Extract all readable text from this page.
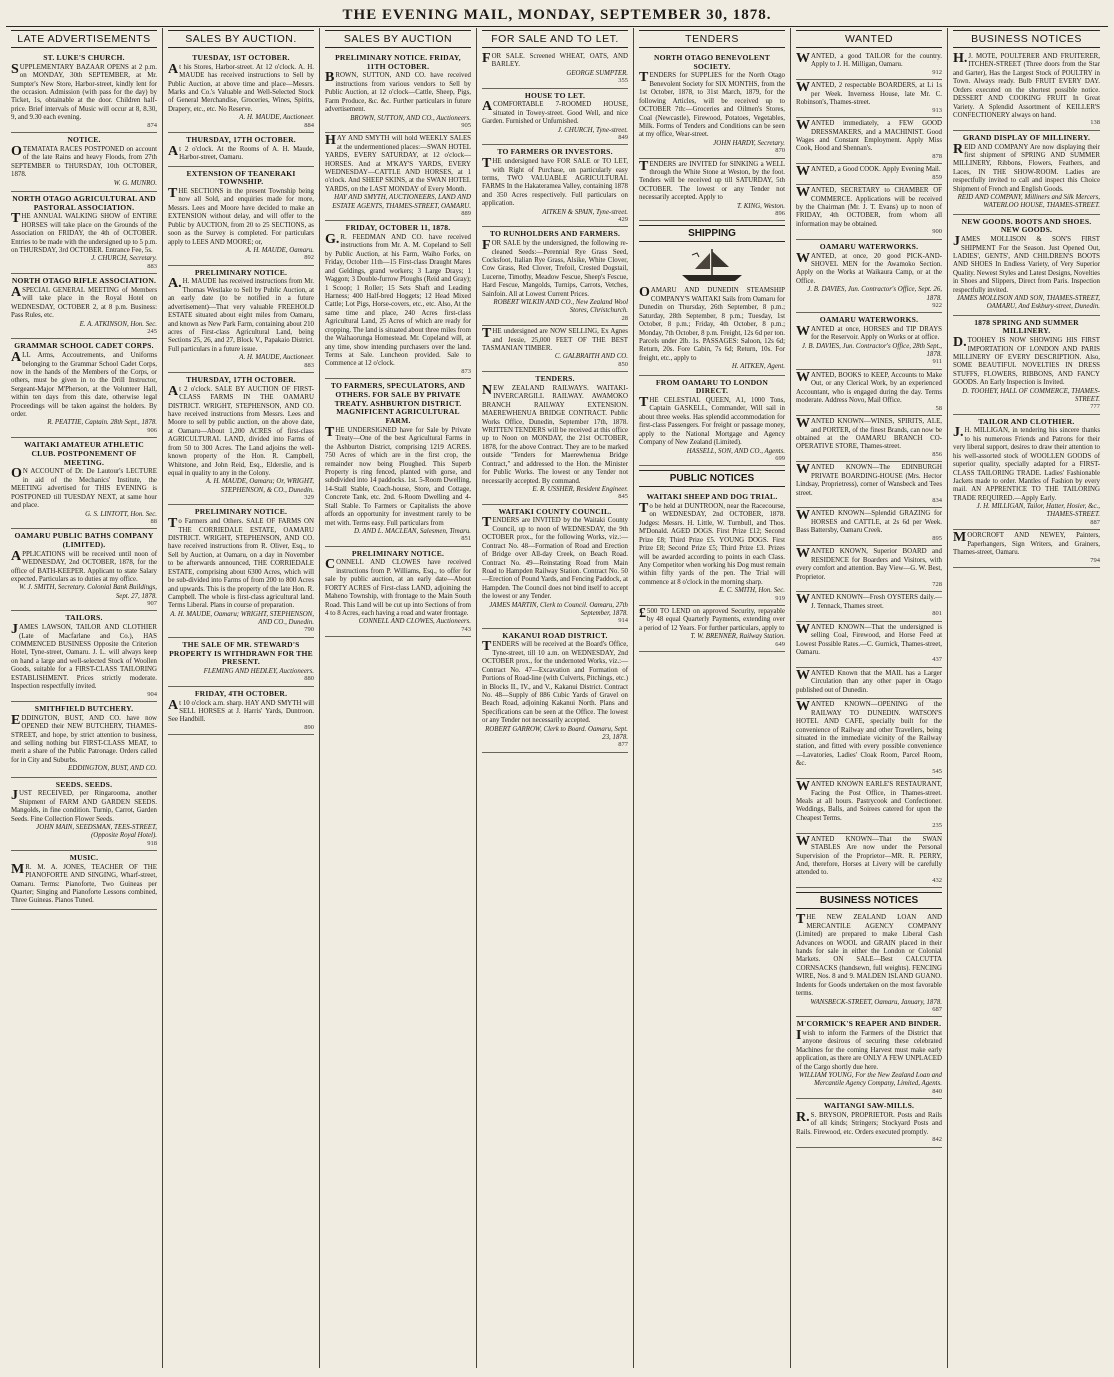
THE EVENING MAIL, MONDAY, SEPTEMBER 30, 1878.
LATE ADVERTISEMENTS
ST. LUKE'S CHURCH.
SUPPLEMENTARY BAZAAR OPENS at 2 p.m. on MONDAY, 30th SEPTEMBER, at Mr. Sumpter's New Store, Harbor-street, kindly lent for the occasion. Admission (with pass for the day) by Ticket, 1s, obtainable at the door. Children half-price. Brief intervals of Music will occur at 8, 8.30, 9, and 9.30 each evening.
874
NOTICE.
OTEMATATA RACES POSTPONED on account of the late Rains and heavy Floods, from 27th SEPTEMBER to THURSDAY, 10th OCTOBER, 1878.
W. G. MUNRO.
NORTH OTAGO AGRICULTURAL AND PASTORAL ASSOCIATION.
THE ANNUAL WALKING SHOW of ENTIRE HORSES will take place on the Grounds of the Association on FRIDAY, the 4th of OCTOBER. Entries to be made with the undersigned up to 5 p.m. on THURSDAY, 3rd OCTOBER. Entrance Fee, 5s.
J. CHURCH, Secretary.
883
NORTH OTAGO RIFLE ASSOCIATION.
ASPECIAL GENERAL MEETING of Members will take place in the Royal Hotel on WEDNESDAY, OCTOBER 2, at 8 p.m. Business: Pass Rules, etc.
E. A. ATKINSON, Hon. Sec.
245
GRAMMAR SCHOOL CADET CORPS.
ALL Arms, Accoutrements, and Uniforms belonging to the Grammar School Cadet Corps, now in the hands of the Members of the Corps, or others, must be given in to the Drill Instructor, Sergeant-Major M'Pherson, at the Volunteer Hall, within ten days from this date, otherwise legal Proceedings will be taken against the holders. By order.
R. PEATTIE, Captain. 28th Sept., 1878.
906
WAITAKI AMATEUR ATHLETIC CLUB. POSTPONEMENT OF MEETING.
ON ACCOUNT of Dr. De Lautour's LECTURE in aid of the Mechanics' Institute, the MEETING advertised for THIS EVENING is POSTPONED till TUESDAY NEXT, at same hour and place.
G. S. LINTOTT, Hon. Sec.
88
OAMARU PUBLIC BATHS COMPANY (LIMITED).
APPLICATIONS will be received until noon of WEDNESDAY, 2nd OCTOBER, 1878, for the office of BATH-KEEPER. Applicant to state Salary expected. Particulars as to duties at my office.
W. J. SMITH, Secretary. Colonial Bank Buildings, Sept. 27, 1878.
907
TAILORS.
JAMES LAWSON, TAILOR AND CLOTHIER (Late of Macfarlane and Co.), HAS COMMENCED BUSINESS Opposite the Criterion Hotel, Tyne-street, Oamaru. J. L. will always keep on hand a large and well-selected Stock of Woollen Goods, suitable for a FIRST-CLASS TAILORING ESTABLISHMENT. Prices strictly moderate. Inspection respectfully invited.
904
SMITHFIELD BUTCHERY.
EDDINGTON, BUST, AND CO. have now OPENED their NEW BUTCHERY, THAMES-STREET, and hope, by strict attention to business, and selling nothing but FIRST-CLASS MEAT, to merit a share of the Public Patronage. Orders called for in City and Suburbs.
EDDINGTON, BUST, AND CO.
SEEDS. SEEDS.
JUST RECEIVED, per Ringarooma, another Shipment of FARM AND GARDEN SEEDS. Mangolds, in fine condition. Turnip, Carrot, Garden Seeds. Fine Collection Flower Seeds.
JOHN MAIN, SEEDSMAN, TEES-STREET, (Opposite Royal Hotel).
918
MUSIC.
MR. M. A. JONES, TEACHER OF THE PIANOFORTE AND SINGING, Wharf-street, Oamaru. Terms: Pianoforte, Two Guineas per Quarter; Singing and Pianoforte Lessons combined, Three Guineas. Pianos Tuned.
SALES BY AUCTION.
TUESDAY, 1ST OCTOBER.
At his Stores, Harbor-street. At 12 o'clock. A. H. MAUDE has received instructions to Sell by Public Auction, at above time and place—Messrs. Marks and Co.'s Valuable and Well-Selected Stock of General Merchandise, Groceries, Wines, Spirits, Drapery, etc., etc. No Reserve.
A. H. MAUDE, Auctioneer.
884
THURSDAY, 17TH OCTOBER.
At 2 o'clock. At the Rooms of A. H. Maude, Harbor-street, Oamaru.
EXTENSION OF TEANERAKI TOWNSHIP.
THE SECTIONS in the present Township being now all Sold, and enquiries made for more, Messrs. Lees and Moore have decided to make an EXTENSION without delay, and will offer to the Public by AUCTION, from 20 to 25 SECTIONS, as soon as the Survey is completed. For particulars apply to LEES AND MOORE; or,
A. H. MAUDE, Oamaru.
892
PRELIMINARY NOTICE.
A.H. MAUDE has received instructions from Mr. Thomas Westlake to Sell by Public Auction, at an early date (to be notified in a future advertisement)—That very valuable FREEHOLD ESTATE situated about eight miles from Oamaru, and known as New Park Farm, containing about 210 acres of First-class Agricultural Land, being Sections 25, 26, and 27, Block V., Papakaio District. Full particulars in a future issue.
A. H. MAUDE, Auctioneer.
883
THURSDAY, 17TH OCTOBER.
At 2 o'clock. SALE BY AUCTION OF FIRST-CLASS FARMS IN THE OAMARU DISTRICT. WRIGHT, STEPHENSON, AND CO. have received instructions from Messrs. Lees and Moore to sell by public auction, on the above date, at Oamaru—About 1,200 ACRES of first-class AGRICULTURAL LAND, divided into Farms of from 50 to 300 Acres. The Land adjoins the well-known property of the Hon. R. Campbell, Whitstone, and John Reid, Esq., Elderslie, and is equal in quality to any in the Colony.
A. H. MAUDE, Oamaru; Or, WRIGHT, STEPHENSON, & CO., Dunedin.
329
PRELIMINARY NOTICE.
To Farmers and Others. SALE OF FARMS ON THE CORRIEDALE ESTATE, OAMARU DISTRICT. WRIGHT, STEPHENSON, AND CO. have received instructions from R. Oliver, Esq., to Sell by Auction, at Oamaru, on a day in November to be afterwards announced, THE CORRIEDALE ESTATE, comprising about 6300 Acres, which will be sub-divided into Farms of from 200 to 800 Acres and upwards. This is the property of the late Hon. R. Campbell. The whole is first-class agricultural land. Terms Liberal. Plans in course of preparation.
A. H. MAUDE, Oamaru; WRIGHT, STEPHENSON, AND CO., Dunedin.
790
THE SALE OF MR. STEWARD'S PROPERTY IS WITHDRAWN FOR THE PRESENT.
FLEMING AND HEDLEY, Auctioneers.
880
FRIDAY, 4TH OCTOBER.
At 10 o'clock a.m. sharp. HAY AND SMYTH will SELL HORSES at J. Harris' Yards, Duntroon. See Handbill.
890
SALES BY AUCTION
PRELIMINARY NOTICE. FRIDAY, 11TH OCTOBER.
BROWN, SUTTON, AND CO. have received instructions from various vendors to Sell by Public Auction, at 12 o'clock—Cattle, Sheep, Pigs, Farm Produce, &c. &c. Further particulars in future advertisement.
BROWN, SUTTON, AND CO., Auctioneers.
905
HAY AND SMYTH will hold WEEKLY SALES at the undermentioned places:—SWAN HOTEL YARDS, EVERY SATURDAY, at 12 o'clock—HORSES. And at M'KAY'S YARDS, EVERY WEDNESDAY—CATTLE AND HORSES, at 1 o'clock. And SHEEP SKINS, at the SWAN HOTEL YARDS, on the LAST MONDAY of Every Month.
HAY AND SMYTH, AUCTIONEERS, LAND AND ESTATE AGENTS, THAMES-STREET, OAMARU.
889
FRIDAY, OCTOBER 11, 1878.
G.R. FEEDMAN AND CO. have received instructions from Mr. A. M. Copeland to Sell by Public Auction, at his Farm, Waiho Forks, on Friday, October 11th—15 First-class Draught Mares and Geldings, grand workers; 3 Large Drays; 1 Waggon; 3 Double-furrow Ploughs (Reid and Gray); 1 Scoop; 1 Roller; 15 Sets Shaft and Leading Harness; 400 Half-bred Hoggets; 12 Head Mixed Cattle; Lot Pigs, Horse-covers, etc., etc. Also, At the same time and place, 240 Acres first-class Agricultural Land, 25 Acres of which are ready for cropping. The land is situated about three miles from the Waihaorunga Homestead. Mr. Copeland will, at any time, show intending purchasers over the land. Terms at Sale. Luncheon provided. Sale to Commence at 12 o'clock.
873
TO FARMERS, SPECULATORS, AND OTHERS. FOR SALE BY PRIVATE TREATY. ASHBURTON DISTRICT. MAGNIFICENT AGRICULTURAL FARM.
THE UNDERSIGNED have for Sale by Private Treaty—One of the best Agricultural Farms in the Ashburton District, comprising 1219 ACRES. 750 Acres of which are in the first crop, the remainder now being Ploughed. This Superb Property is ring fenced, planted with gorse, and subdivided into 14 paddocks. 1st. 5-Room Dwelling, 14-Stall Stable, Coach-house, Store, and Cottage, Concrete Tank, etc. 2nd. 6-Room Dwelling and 4-Stall Stable. To Farmers or Capitalists the above affords an opportunity for investment rarely to be met with. Terms easy. Full particulars from
D. AND L. MACLEAN, Salesmen, Timaru.
851
PRELIMINARY NOTICE.
CONNELL AND CLOWES have received instructions from P. Williams, Esq., to offer for sale by public auction, at an early date—About FORTY ACRES of First-class LAND, adjoining the Maheno Township, with frontage to the Main South Road. This Land will be cut up into Sections of from 4 to 8 Acres, each having a road and water frontage.
CONNELL AND CLOWES, Auctioneers.
743
FOR SALE AND TO LET.
FOR SALE. Screened WHEAT, OATS, AND BARLEY.
GEORGE SUMPTER.
355
HOUSE TO LET.
ACOMFORTABLE 7-ROOMED HOUSE, situated in Towey-street. Good Well, and nice Garden. Furnished or Unfurnished.
J. CHURCH, Tyne-street.
849
TO FARMERS OR INVESTORS.
THE undersigned have FOR SALE or TO LET, with Right of Purchase, on particularly easy terms, TWO VALUABLE AGRICULTURAL FARMS In the Hakateramea Valley, containing 1878 and 350 Acres respectively. Full particulars on application.
AITKEN & SPAIN, Tyne-street.
429
TO RUNHOLDERS AND FARMERS.
FOR SALE by the undersigned, the following re-cleaned Seeds:—Perennial Rye Grass Seed, Cocksfoot, Italian Rye Grass, Alsike, White Clover, Cow Grass, Red Clover, Trefoil, Crested Dogstail, Lucerne, Timothy, Meadow Fescue, Sheep's Fescue, Hard Fescue, Mangolds, Turnips, Carrots, Vetches, Sainfoin. All at Lowest Current Prices.
ROBERT WILKIN AND CO., New Zealand Wool Stores, Christchurch.
28
THE undersigned are NOW SELLING, Ex Agnes and Jessie, 25,000 FEET OF THE BEST TASMANIAN TIMBER.
C. GALBRAITH AND CO.
850
TENDERS.
NEW ZEALAND RAILWAYS. WAITAKI-INVERCARGILL RAILWAY. AWAMOKO BRANCH RAILWAY EXTENSION. MAEREWHENUA BRIDGE CONTRACT. Public Works Office, Dunedin, September 17th, 1878. WRITTEN TENDERS will be received at this office up to Noon on MONDAY, the 21st OCTOBER, 1878, for the above Contract. They are to be marked outside "Tenders for Maerewhenua Bridge Contract," and addressed to the Hon. the Minister for Public Works. The lowest or any Tender not necessarily accepted. By command.
E. R. USSHER, Resident Engineer.
845
WAITAKI COUNTY COUNCIL.
TENDERS are INVITED by the Waitaki County Council, up to noon of WEDNESDAY, the 9th OCTOBER prox., for the following Works, viz.:—Contract No. 48—Formation of Road and Erection of Bridge over All-day Creek, on Beach Road. Contract No. 49—Reinstating Road from Main Road to Hampden Railway Station. Contract No. 50—Erection of Pound Yards, and Fencing Paddock, at Hampden. The Council does not bind itself to accept the lowest or any Tender.
JAMES MARTIN, Clerk to Council. Oamaru, 27th September, 1878.
914
KAKANUI ROAD DISTRICT.
TENDERS will be received at the Board's Office, Tyne-street, till 10 a.m. on WEDNESDAY, 2nd OCTOBER prox., for the undernoted Works, viz.:—Contract No. 47—Excavation and Formation of Portions of Road-line (with Culverts, Pitchings, etc.) in Blocks II., IV., and V., Kakanui District. Contract No. 48—Supply of 886 Cubic Yards of Gravel on Beach Road, adjoining Kakanui North. Plans and Specifications can be seen at the Office. The lowest or any Tender not necessarily accepted.
ROBERT GARROW, Clerk to Board. Oamaru, Sept. 23, 1878.
877
TENDERS
NORTH OTAGO BENEVOLENT SOCIETY.
TENDERS for SUPPLIES for the North Otago Benevolent Society for SIX MONTHS, from the 1st October, 1878, to 31st March, 1879, for the following Articles, will be received up to OCTOBER 7th:—Groceries and Oilmen's Stores, Coal (Newcastle), Firewood, Potatoes, Vegetables, Milk. Forms of Tenders and Conditions can be seen at my office, Wear-street.
JOHN HARDY, Secretary.
870
TENDERS are INVITED for SINKING a WELL through the White Stone at Weston, by the foot. Tenders will be received up till SATURDAY, 5th OCTOBER. The lowest or any Tender not necessarily accepted. Apply to
T. KING, Weston.
896
SHIPPING
OAMARU AND DUNEDIN STEAMSHIP COMPANY'S WAITAKI Sails from Oamaru for Dunedin on Thursday, 26th September, 8 p.m.; Saturday, 28th September, 8 p.m.; Tuesday, 1st October, 8 p.m.; Friday, 4th October, 8 p.m.; Monday, 7th October, 8 p.m. Freight, 12s 6d per ton. Parcels under 2lb. 1s. PASSAGES: Saloon, 12s 6d; Return, 20s. Fore Cabin, 7s 6d; Return, 10s. For freight, etc., apply to
H. AITKEN, Agent.
FROM OAMARU TO LONDON DIRECT.
THE CELESTIAL QUEEN, A1, 1000 Tons, Captain GASKELL, Commander, Will sail in about three weeks. Has splendid accommodation for first-class Passengers. For freight or passage money, apply to the National Mortgage and Agency Company of New Zealand (Limited).
HASSELL, SON, AND CO., Agents.
699
PUBLIC NOTICES
WAITAKI SHEEP AND DOG TRIAL.
To be held at DUNTROON, near the Racecourse, on WEDNESDAY, 2nd OCTOBER, 1878. Judges: Messrs. H. Little, W. Turnbull, and Thos. M'Donald. AGED DOGS. First Prize £12; Second Prize £8; Third Prize £5. YOUNG DOGS. First Prize £8; Second Prize £5; Third Prize £3. Prizes will be awarded according to points in each Class. Any Competitor when working his Dog must remain within fifty yards of the pen. The Trial will commence at 8 o'clock in the morning sharp.
E. C. SMITH, Hon. Sec.
919
£500 TO LEND on approved Security, repayable by 48 equal Quarterly Payments, extending over a period of 12 Years. For further particulars, apply to
T. W. BRENNER, Railway Station.
649
WANTED
WANTED, a good TAILOR for the country. Apply to J. H. Milligan, Oamaru.
912
WANTED, 2 respectable BOARDERS, at Li 1s per Week. Inverness House, late Mr. C. Robinson's, Thames-street.
913
WANTED immediately, a FEW GOOD DRESSMAKERS, and a MACHINIST. Good Wages and Constant Employment. Apply Miss Cook, Hood and Shennan's.
878
WANTED, a Good COOK. Apply Evening Mail.
859
WANTED, SECRETARY to CHAMBER OF COMMERCE. Applications will be received by the Chairman (Mr. J. T. Evans) up to noon of FRIDAY, 4th OCTOBER, from whom all information may be obtained.
900
OAMARU WATERWORKS.
WANTED, at once, 20 good PICK-AND-SHOVEL MEN for the Awamoko Section. Apply on the Works at Waikaura Camp, or at the Office.
J. B. DAVIES, Jun. Contractor's Office, Sept. 26, 1878.
922
OAMARU WATERWORKS.
WANTED at once, HORSES and TIP DRAYS for the Reservoir. Apply on Works or at office.
J. B. DAVIES, Jun. Contractor's Office, 28th Sept., 1878.
911
WANTED, BOOKS to KEEP, Accounts to Make Out, or any Clerical Work, by an experienced Accountant, who is engaged during the day. Terms moderate. Address Novo, Mail Office.
58
WANTED KNOWN—WINES, SPIRITS, ALE, and PORTER, of the finest Brands, can now be obtained at the OAMARU BRANCH CO-OPERATIVE STORE, Thames-street.
856
WANTED KNOWN—The EDINBURGH PRIVATE BOARDING-HOUSE (Mrs. Hector Lindsay, Proprietress), corner of Wansbeck and Tees street.
834
WANTED KNOWN—Splendid GRAZING for HORSES and CATTLE, at 2s 6d per Week. Bass Battersby, Oamaru Creek.
895
WANTED KNOWN, Superior BOARD and RESIDENCE for Boarders and Visitors, with every comfort and attention. Bay View—G. W. Best, Proprietor.
728
WANTED KNOWN—Fresh OYSTERS daily.—J. Tennack, Thames street.
801
WANTED KNOWN—That the undersigned is selling Coal, Firewood, and Horse Feed at Lowest Possible Rates.—C. Gurnick, Thames-street, Oamaru.
437
WANTED Known that the MAIL has a Larger Circulation than any other paper in Otago published out of Dunedin.
WANTED KNOWN—OPENING of the RAILWAY TO DUNEDIN. WATSON'S HOTEL AND CAFE, specially built for the convenience of Railway and other Travellers, being situated in the immediate vicinity of the Railway station, and fitted with every possible convenience—Lavatories, Ladies' Cloak Room, Parcel Room, &c.
545
WANTED KNOWN EARLE'S RESTAURANT, Facing the Post Office, in Thames-street. Meals at all hours. Pastrycook and Confectioner. Weddings, Balls, and Soirees catered for upon the Cheapest Terms.
235
WANTED KNOWN—That the SWAN STABLES Are now under the Personal Supervision of the Proprietor—MR. R. PERRY, And, therefore, Horses at Livery will be carefully attended to.
432
BUSINESS NOTICES
THE NEW ZEALAND LOAN AND MERCANTILE AGENCY COMPANY (Limited) are prepared to make Liberal Cash Advances on WOOL and GRAIN placed in their hands for sale in either the London or Colonial Markets. ON SALE—Best CALCUTTA CORNSACKS (handsewn, full weights). FENCING WIRE, Nos. 8 and 9. MALDEN ISLAND GUANO. Indents for Goods undertaken on the most favorable terms.
WANSBECK-STREET, Oamaru, January, 1878.
687
M'CORMICK'S REAPER AND BINDER.
Iwish to inform the Farmers of the District that anyone desirous of securing these celebrated Machines for the coming Harvest must make early application, as there are ONLY A FEW UNPLACED of the Cargo shortly due here.
WILLIAM YOUNG, For the New Zealand Loan and Mercantile Agency Company, Limited, Agents.
840
WAITANGI SAW-MILLS.
R.S. BRYSON, PROPRIETOR. Posts and Rails of all kinds; Stringers; Stockyard Posts and Rails. Firewood, etc. Orders executed promptly.
842
BUSINESS NOTICES
H.J. MOTE, POULTERER AND FRUITERER, ITCHEN-STREET (Three doors from the Star and Garter), Has the Largest Stock of POULTRY in Town. Always ready. Bulb FRUIT EVERY DAY. Orders executed on the shortest possible notice. DESSERT AND COOKING FRUIT In Great Variety. A Splendid Assortment of KEILLER'S CONFECTIONERY always on hand.
138
GRAND DISPLAY OF MILLINERY.
REID AND COMPANY Are now displaying their first shipment of SPRING AND SUMMER MILLINERY, Ribbons, Flowers, Feathers, and Laces, IN THE SHOW-ROOM. Ladies are respectfully invited to call and inspect this Choice Shipment of French and English Goods.
REID AND COMPANY, Milliners and Silk Mercers, WATERLOO HOUSE, THAMES-STREET.
NEW GOODS. BOOTS AND SHOES. NEW GOODS.
JAMES MOLLISON & SON'S FIRST SHIPMENT For the Season. Just Opened Out, LADIES', GENTS', AND CHILDREN'S BOOTS AND SHOES In Endless Variety, of Very Superior Quality. Newest Styles and Latest Designs, Novelties in Shoes and Slippers, Direct from Paris. Inspection respectfully invited.
JAMES MOLLISON AND SON, THAMES-STREET, OAMARU, And Eskbury-street, Dunedin.
1878 SPRING AND SUMMER MILLINERY.
D.TOOHEY IS NOW SHOWING HIS FIRST IMPORTATION OF LONDON AND PARIS MILLINERY OF EVERY DESCRIPTION. Also, SOME BEAUTIFUL NOVELTIES IN DRESS STUFFS, FLOWERS, RIBBONS, AND FANCY GOODS. An Early Inspection is Invited.
D. TOOHEY, HALL OF COMMERCE, THAMES-STREET.
777
TAILOR AND CLOTHIER.
J.H. MILLIGAN, in tendering his sincere thanks to his numerous Friends and Patrons for their very liberal support, desires to draw their attention to his well-assorted stock of WOOLLEN GOODS of superior quality, specially adapted for a FIRST-CLASS TAILORING TRADE. Ladies' Fashionable Jackets made to order. Mantles of Fashion by every mail. AN APPRENTICE TO THE TAILORING TRADE REQUIRED.—Apply Early.
J. H. MILLIGAN, Tailor, Hatter, Hosier, &c., THAMES-STREET.
887
MOORCROFT AND NEWEY, Painters, Paperhangers, Sign Writers, and Grainers, Thames-street, Oamaru.
794
